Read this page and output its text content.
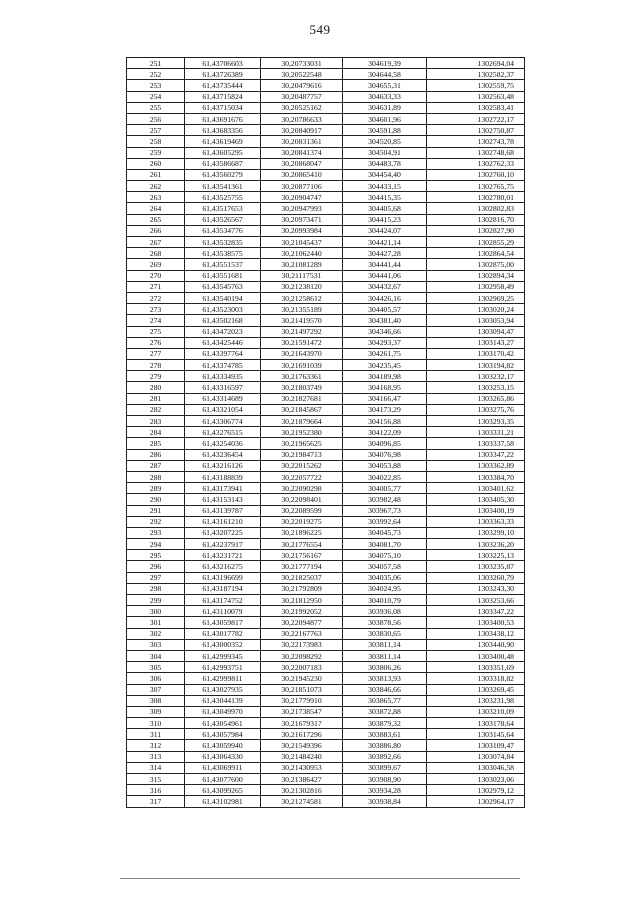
549
251	61,43706603	30,20733031	304619,39	1302694,04
252	61,43726389	30,20522548	304644,58	1302582,37
253	61,43735444	30,20479616	304655,31	1302559,75
254	61,43715824	30,20487757	304633,33	1302563,48
255	61,43715034	30,20525162	304631,89	1302583,41
256	61,43691676	30,20786633	304601,96	1302722,17
257	61,43683356	30,20840917	304591,88	1302750,87
258	61,43619469	30,20831361	304520,85	1302743,78
259	61,43605295	30,20841374	304504,91	1302748,68
260	61,43586687	30,20868047	304483,78	1302762,33
261	61,43560279	30,20865410	304454,40	1302760,10
262	61,43541361	30,20877106	304433,15	1302765,75
263	61,43525755	30,20904747	304415,35	1302780,01
264	61,43517653	30,20947993	304405,68	1302802,83
265	61,43526567	30,20973471	304415,23	1302816,70
266	61,43534776	30,20993984	304424,07	1302827,90
267	61,43532835	30,21045437	304421,14	1302855,29
268	61,43538575	30,21062440	304427,28	1302864,54
269	61,43551537	30,21081289	304441,44	1302875,00
270	61,43551681	30,21117531	304441,06	1302894,34
271	61,43545763	30,21238120	304432,67	1302958,49
272	61,43540194	30,21258612	304426,16	1302969,25
273	61,43523003	30,21355189	304405,57	1303020,24
274	61,43502168	30,21419570	304381,40	1303053,94
275	61,43472023	30,21497292	304346,66	1303094,47
276	61,43425446	30,21591472	304293,37	1303143,27
277	61,43397764	30,21643970	304261,75	1303170,42
278	61,43374785	30,21691039	304235,45	1303194,82
279	61,43334935	30,21763361	304189,98	1303232,17
280	61,43316597	30,21803749	304168,95	1303253,15
281	61,43314689	30,21827681	304166,47	1303265,86
282	61,43321054	30,21845867	304173,29	1303275,76
283	61,43306774	30,21879664	304156,88	1303293,35
284	61,43276515	30,21952380	304122,09	1303331,21
285	61,43254036	30,21965625	304096,85	1303337,58
286	61,43236454	30,21984713	304076,98	1303347,22
287	61,43216126	30,22015262	304053,88	1303362,89
288	61,43188839	30,22057722	304022,85	1303384,70
289	61,43173941	30,22090298	304005,77	1303401,62
290	61,43153143	30,22098401	303982,48	1303405,30
291	61,43139787	30,22089599	303967,73	1303400,19
292	61,43161210	30,22019275	303992,64	1303363,33
293	61,43207225	30,21896225	304045,73	1303299,10
294	61,43237917	30,21776554	304081,70	1303236,20
295	61,43231721	30,21756167	304075,10	1303225,13
296	61,43216275	30,21777194	304057,58	1303235,87
297	61,43196699	30,21825037	304035,06	1303260,79
298	61,43187194	30,21792809	304024,95	1303243,30
299	61,43174752	30,21812950	304010,79	1303253,66
300	61,43110079	30,21992052	303936,08	1303347,22
301	61,43059817	30,22094877	303878,56	1303400,53
302	61,43017782	30,22167763	303830,65	1303438,12
303	61,43000352	30,22173983	303811,14	1303440,90
304	61,42999345	30,22098292	303811,14	1303400,48
305	61,42993751	30,22007183	303806,26	1303351,69
306	61,42999811	30,21945230	303813,93	1303318,82
307	61,43027935	30,21851073	303846,66	1303269,45
308	61,43044139	30,21779910	303865,77	1303231,98
309	61,43049970	30,21738547	303872,88	1303210,09
310	61,43054961	30,21679317	303879,32	1303178,64
311	61,43057984	30,21617296	303883,61	1303145,64
312	61,43059940	30,21549396	303886,80	1303109,47
313	61,43064330	30,21484240	303892,66	1303074,84
314	61,43069911	30,21430953	303899,67	1303046,58
315	61,43077600	30,21386427	303908,90	1303023,06
316	61,43099265	30,21302816	303934,28	1302979,12
317	61,43102981	30,21274581	303938,84	1302964,17
